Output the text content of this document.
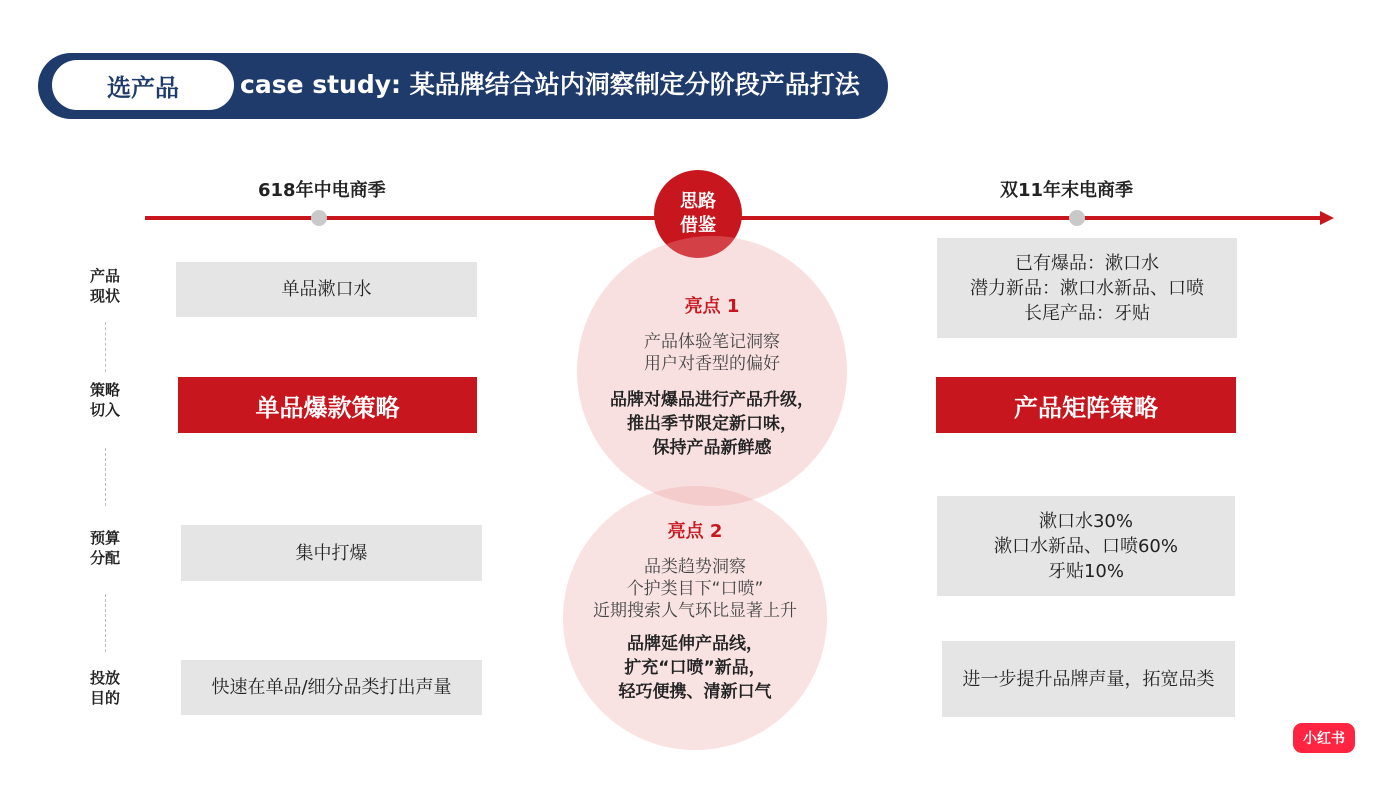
选产品	case study: 某品牌结合站内洞察制定分阶段产品打法
618年中电商季	双11年末电商季
思路
借鉴
产品
现状
策略
切入
预算
分配
投放
目的
单品漱口水
单品爆款策略
集中打爆
快速在单品/细分品类打出声量
已有爆品：漱口水
潜力新品：漱口水新品、口喷
长尾产品：牙贴
产品矩阵策略
漱口水30%
漱口水新品、口喷60%
牙贴10%
进一步提升品牌声量，拓宽品类
亮点 1
产品体验笔记洞察
用户对香型的偏好
品牌对爆品进行产品升级，
推出季节限定新口味，
保持产品新鲜感
亮点 2
品类趋势洞察
个护类目下“口喷”
近期搜索人气环比显著上升
品牌延伸产品线，
扩充“口喷”新品，
轻巧便携、清新口气
小红书
